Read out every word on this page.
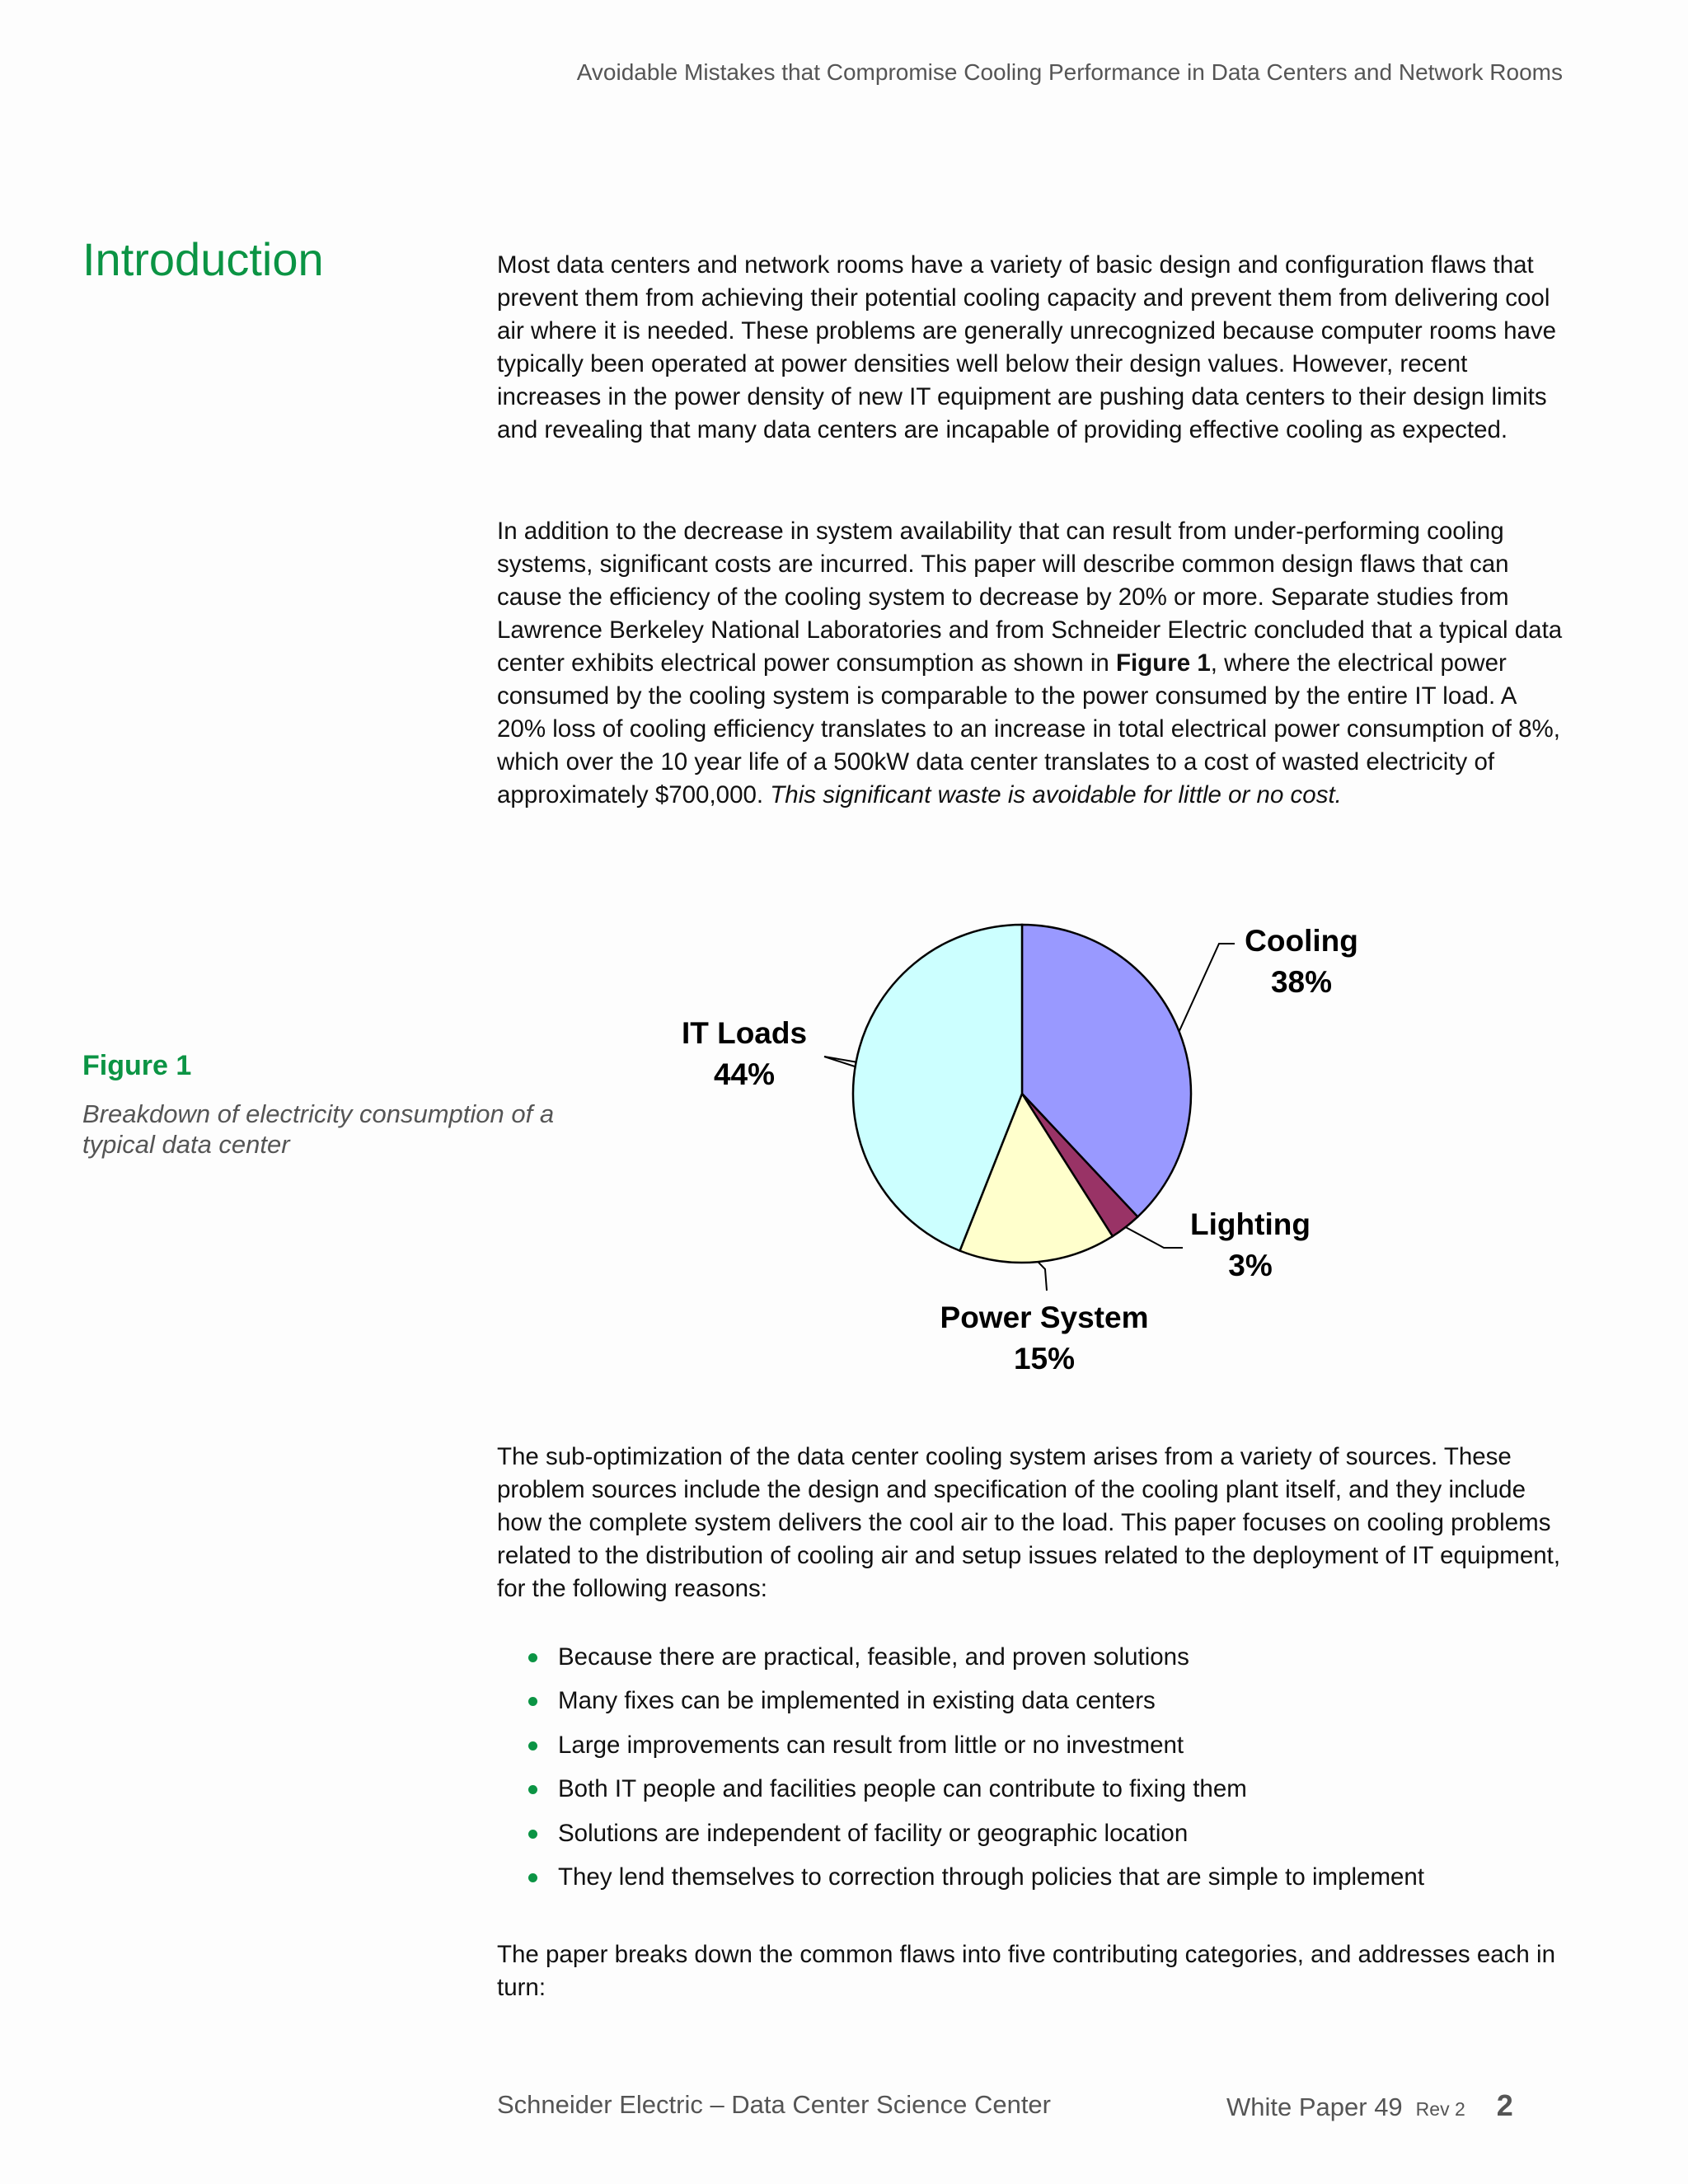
Avoidable Mistakes that Compromise Cooling Performance in Data Centers and Network Rooms
Introduction	Most data centers and network rooms have a variety of basic design and configuration flaws that prevent them from achieving their potential cooling capacity and prevent them from delivering cool air where it is needed. These problems are generally unrecognized because computer rooms have typically been operated at power densities well below their design values. However, recent increases in the power density of new IT equipment are pushing data centers to their design limits and revealing that many data centers are incapable of providing effective cooling as expected.

In addition to the decrease in system availability that can result from under-performing cooling systems, significant costs are incurred. This paper will describe common design flaws that can cause the efficiency of the cooling system to decrease by 20% or more. Separate studies from Lawrence Berkeley National Laboratories and from Schneider Electric concluded that a typical data center exhibits electrical power consumption as shown in Figure 1, where the electrical power consumed by the cooling system is comparable to the power consumed by the entire IT load. A 20% loss of cooling efficiency translates to an increase in total electrical power consumption of 8%, which over the 10 year life of a 500kW data center translates to a cost of wasted electricity of approximately $700,000. This significant waste is avoidable for little or no cost.

Figure 1
Breakdown of electricity consumption of a typical data center
Cooling
38%
IT Loads
44%
Lighting
3%
Power System
15%

The sub-optimization of the data center cooling system arises from a variety of sources. These problem sources include the design and specification of the cooling plant itself, and they include how the complete system delivers the cool air to the load. This paper focuses on cooling problems related to the distribution of cooling air and setup issues related to the deployment of IT equipment, for the following reasons:

Because there are practical, feasible, and proven solutions
Many fixes can be implemented in existing data centers
Large improvements can result from little or no investment
Both IT people and facilities people can contribute to fixing them
Solutions are independent of facility or geographic location
They lend themselves to correction through policies that are simple to implement

The paper breaks down the common flaws into five contributing categories, and addresses each in turn:

Schneider Electric – Data Center Science Center	White Paper 49 Rev 2 2
